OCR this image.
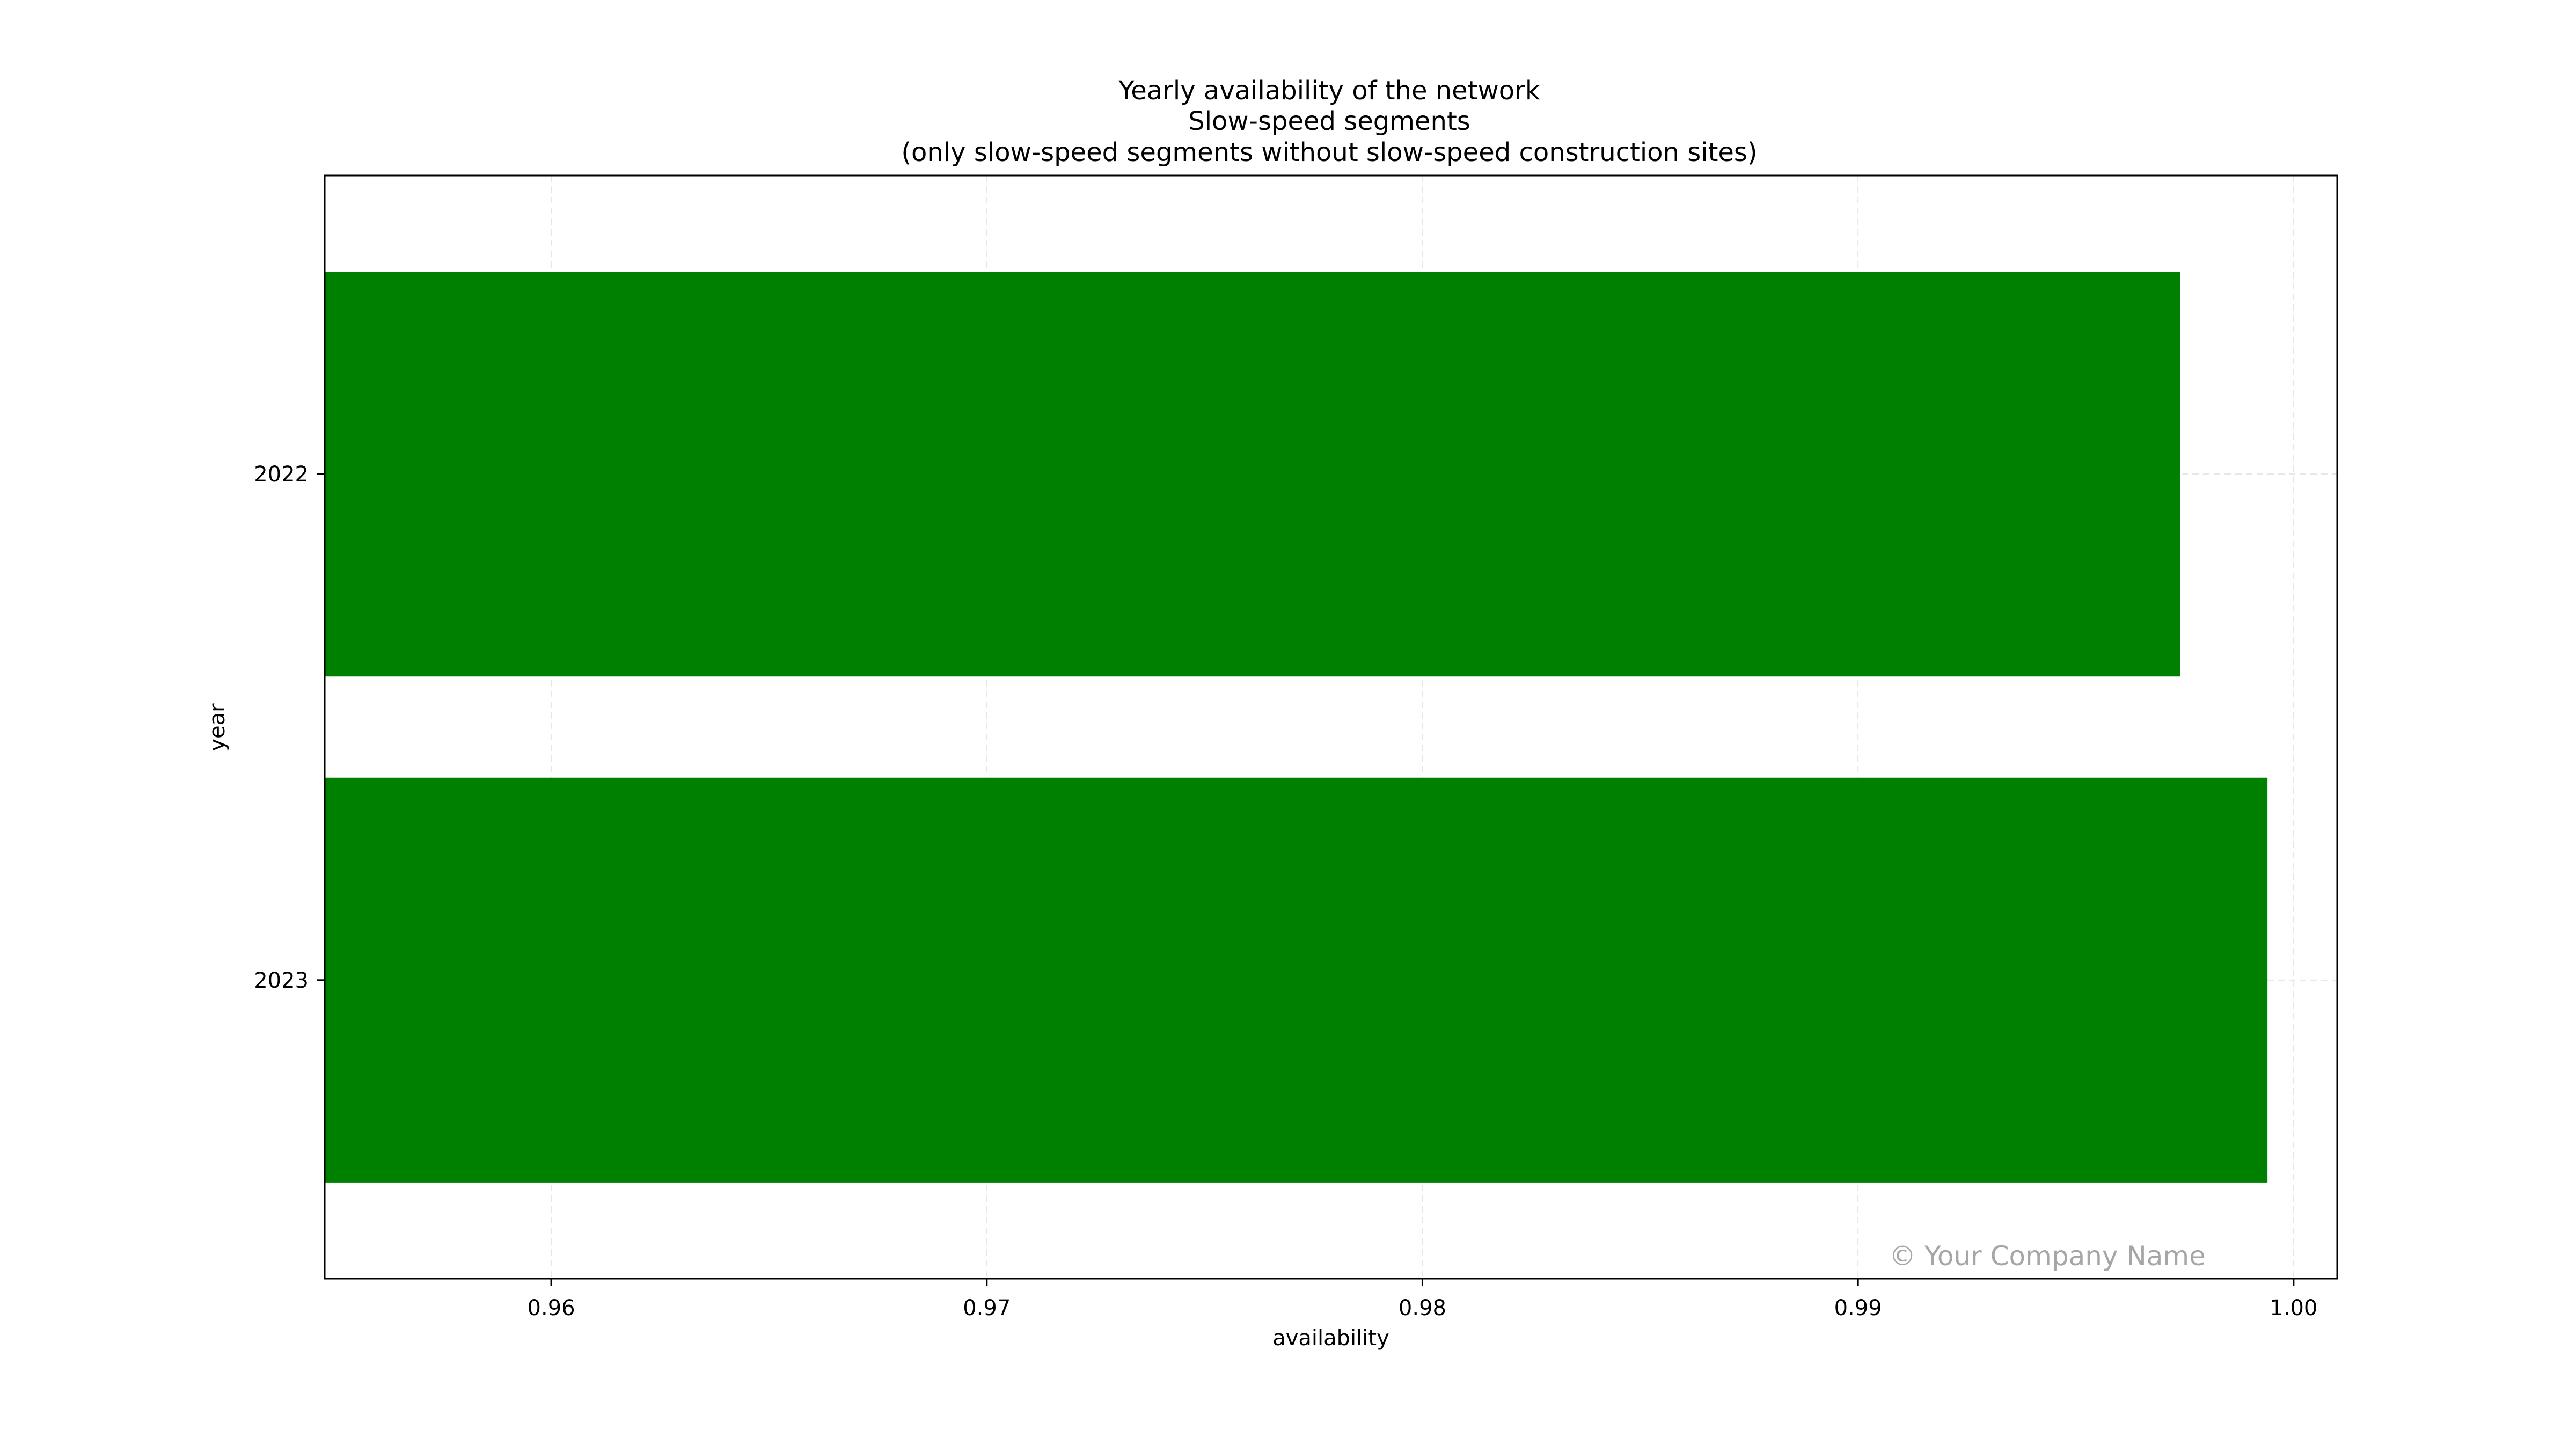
0.96	0.97	0.98	0.99	1.00
2022
2023
Yearly availability of the network
Slow-speed segments
(only slow-speed segments without slow-speed construction sites)
availability
year
© Your Company Name
